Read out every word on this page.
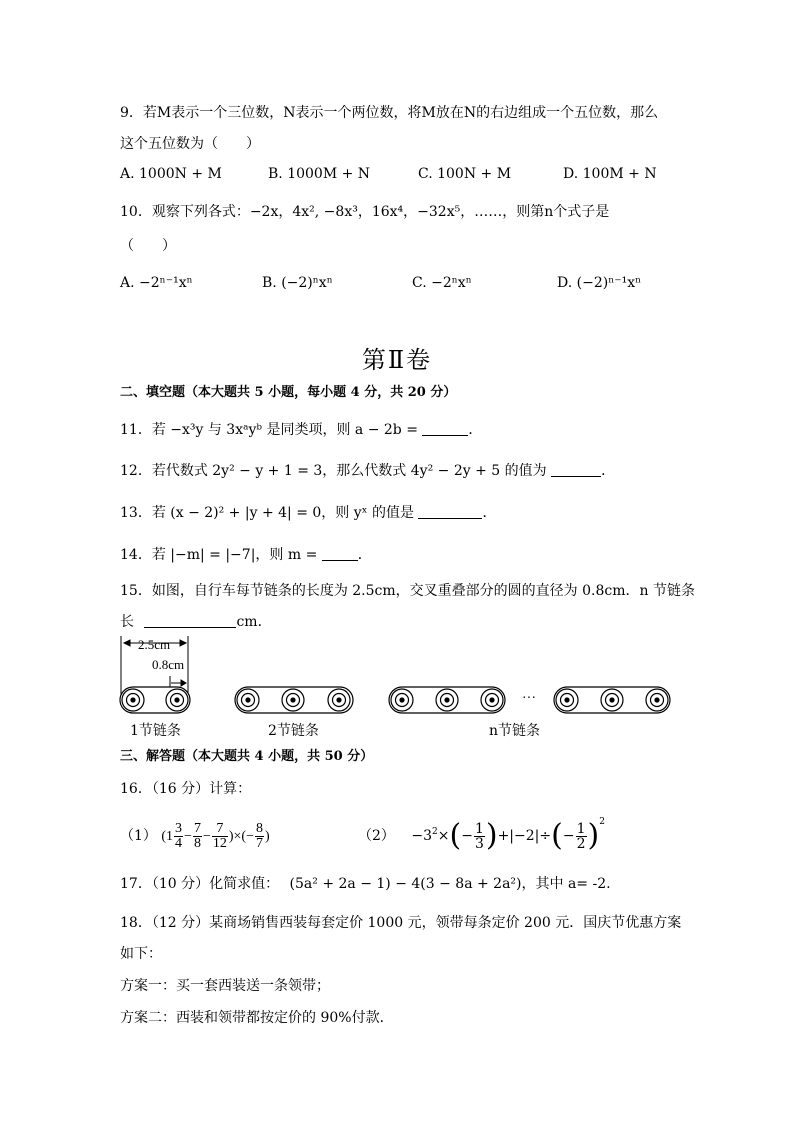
9．若M表示一个三位数，N表示一个两位数，将M放在N的右边组成一个五位数，那么
这个五位数为（　　）
A. 1000N + M	B. 1000M + N	C. 100N + M	D. 100M + N
10．观察下列各式：−2x，4x², −8x³，16x⁴，−32x⁵，……，则第n个式子是
（　　）
A. −2ⁿ⁻¹xⁿ	B. (−2)ⁿxⁿ	C. −2ⁿxⁿ	D. (−2)ⁿ⁻¹xⁿ
第Ⅱ卷
二、填空题（本大题共 5 小题，每小题 4 分，共 20 分）
11．若 −x³y 与 3xᵃyᵇ 是同类项，则 a − 2b =	．
12．若代数式 2y² − y + 1 = 3，那么代数式 4y² − 2y + 5 的值为	．
13．若 (x − 2)² + |y + 4| = 0，则 yˣ 的值是	．
14．若 |−m| = |−7|，则 m =	．
15．如图，自行车每节链条的长度为 2.5cm，交叉重叠部分的圆的直径为 0.8cm．n 节链条
长	cm．
2.5cm
0.8cm
···
1节链条	2节链条	n节链条
三、解答题（本大题共 4 小题，共 50 分）
16．（16 分）计算：
（1） ($1 \frac{3}{4} - \frac{7}{8} - \frac{7}{12}$ )×(− $\frac{8}{7}$ )	$(2) -3^2\times(- \frac{1}{3} )+|-2|\div(- \frac{1}{2} )^2$
17．（10 分）化简求值： (5a² + 2a − 1) − 4(3 − 8a + 2a²)，其中 a= -2.
18．（12 分）某商场销售西装每套定价 1000 元，领带每条定价 200 元．国庆节优惠方案
如下：
方案一：买一套西装送一条领带；
方案二：西装和领带都按定价的 90%付款．
